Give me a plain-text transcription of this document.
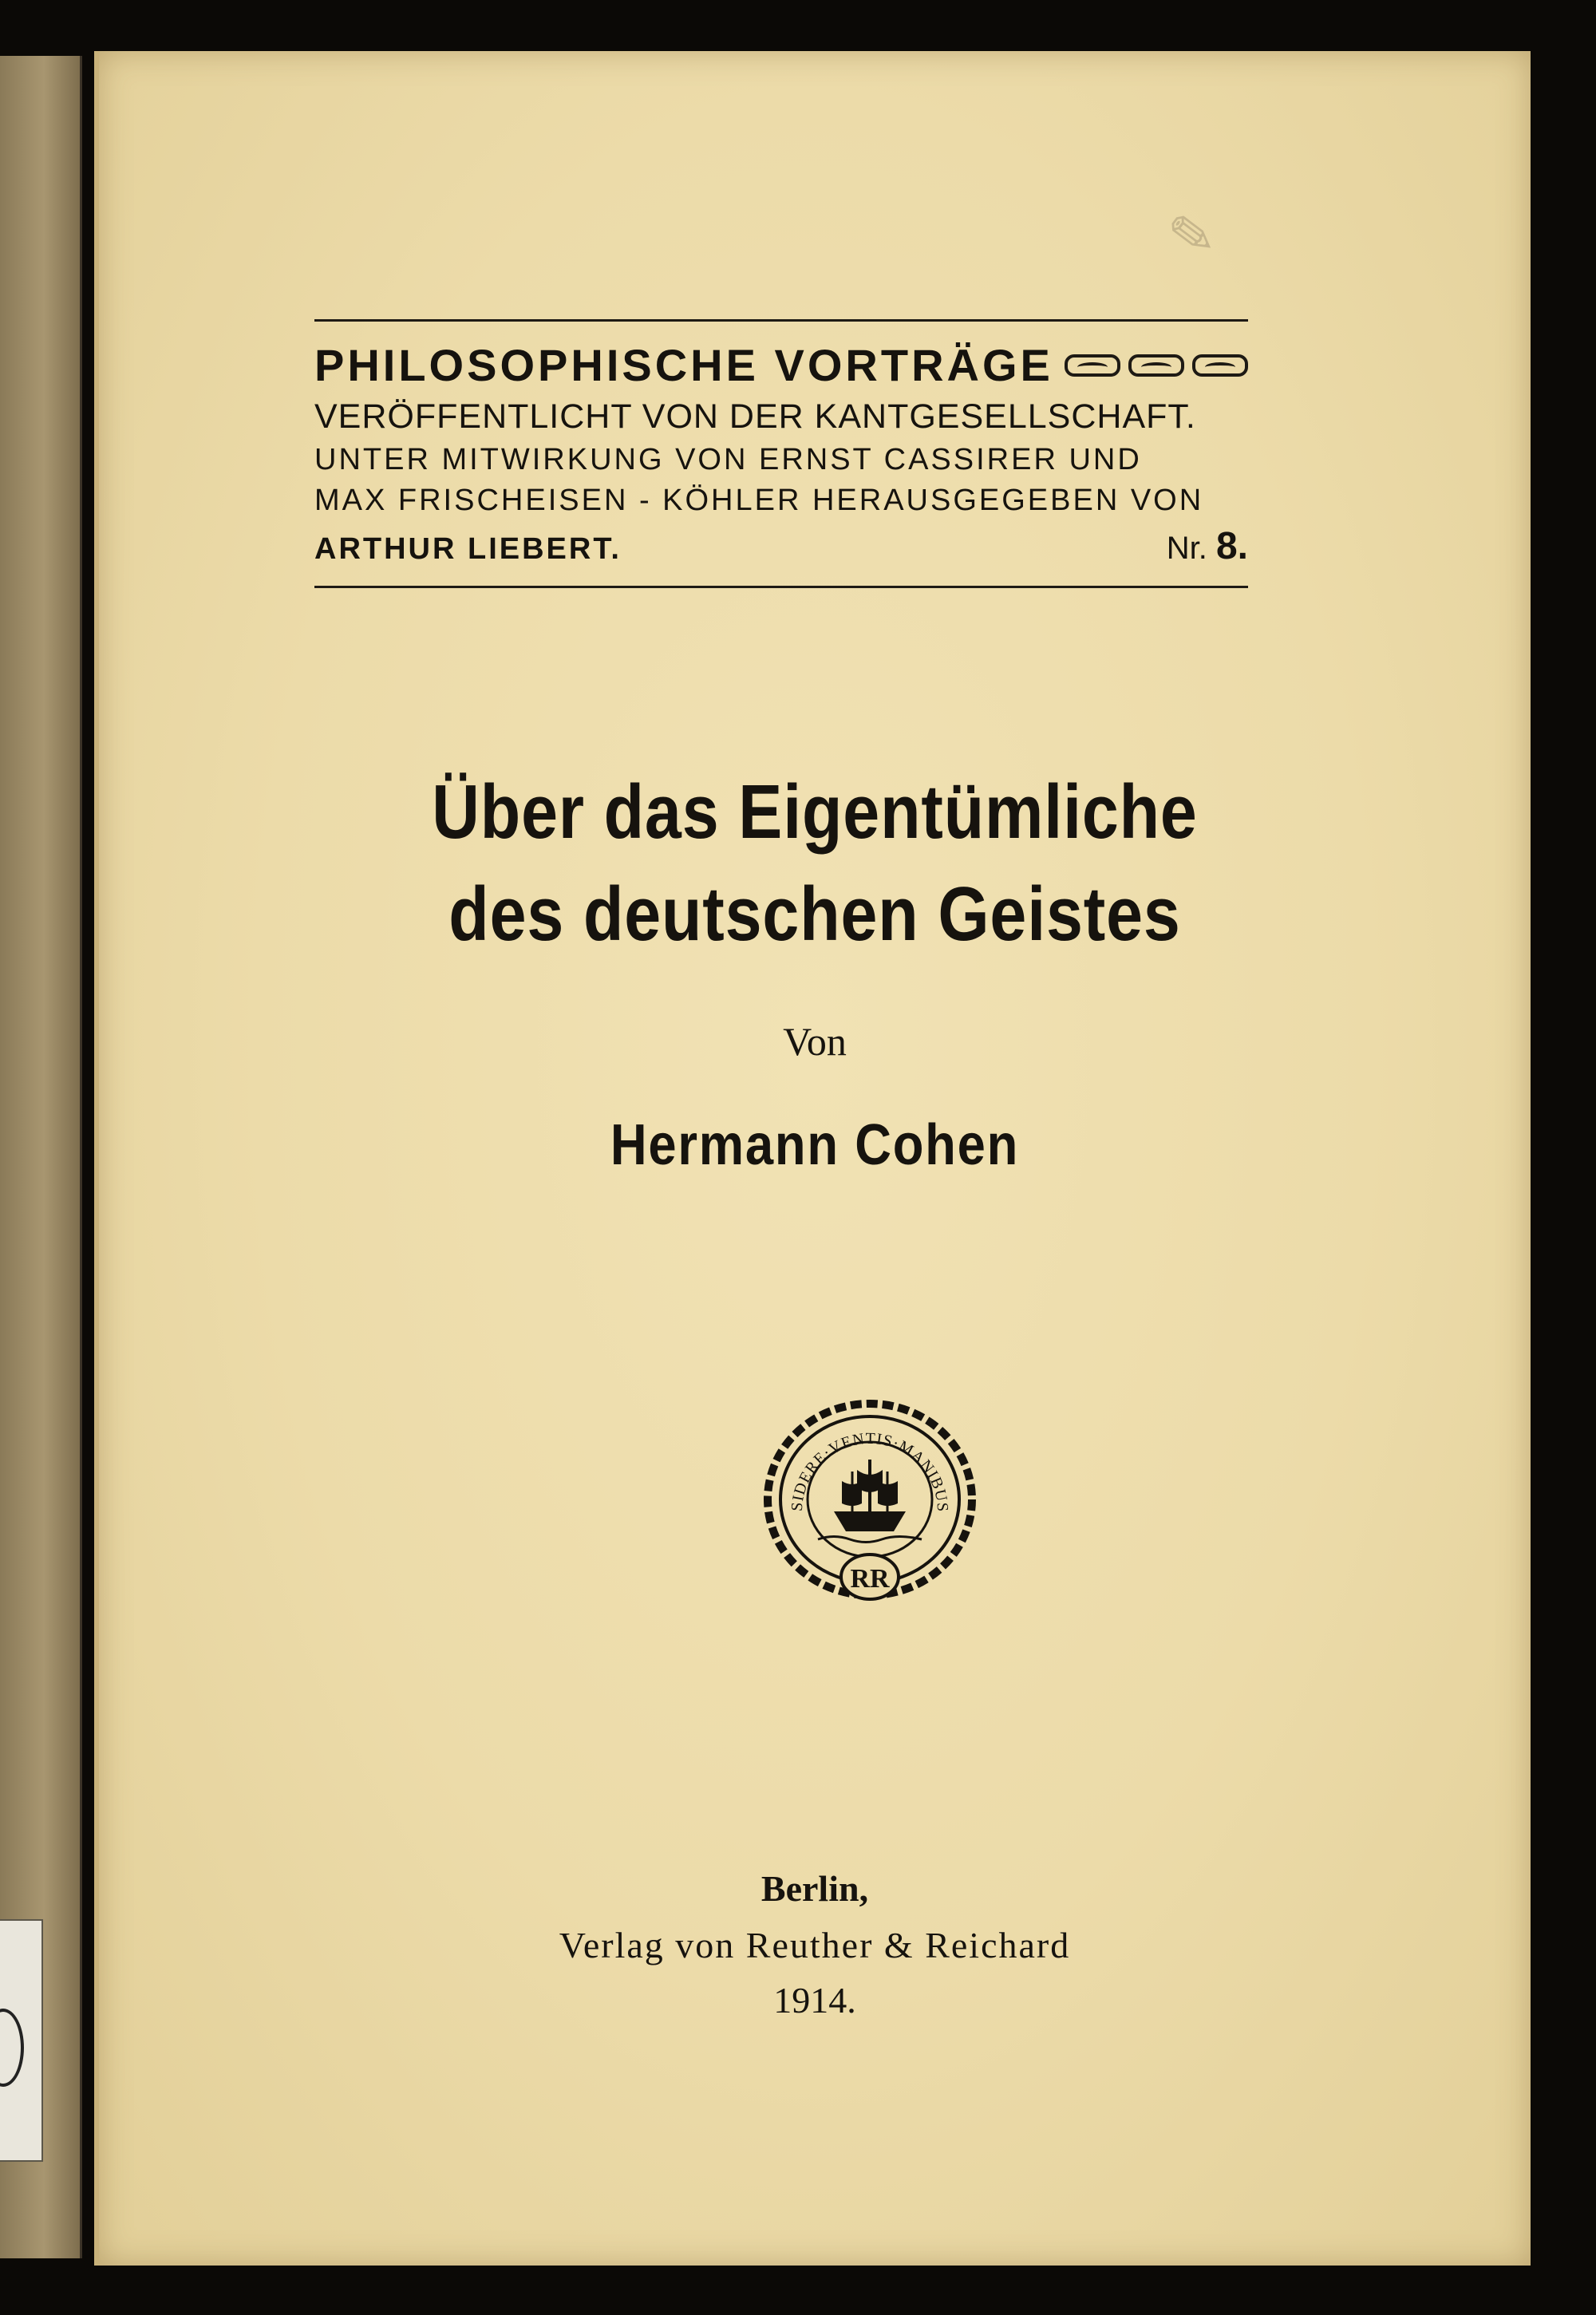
✎
PHILOSOPHISCHE VORTRÄGE
VERÖFFENTLICHT VON DER KANTGESELLSCHAFT.
UNTER MITWIRKUNG VON ERNST CASSIRER UND
MAX FRISCHEISEN - KÖHLER HERAUSGEGEBEN VON
ARTHUR LIEBERT.	Nr. 8.
Über das Eigentümliche
des deutschen Geistes
Von
Hermann Cohen
SIDERE·VENTIS·MANIBUS
RR
Berlin,
Verlag von Reuther & Reichard
1914.
